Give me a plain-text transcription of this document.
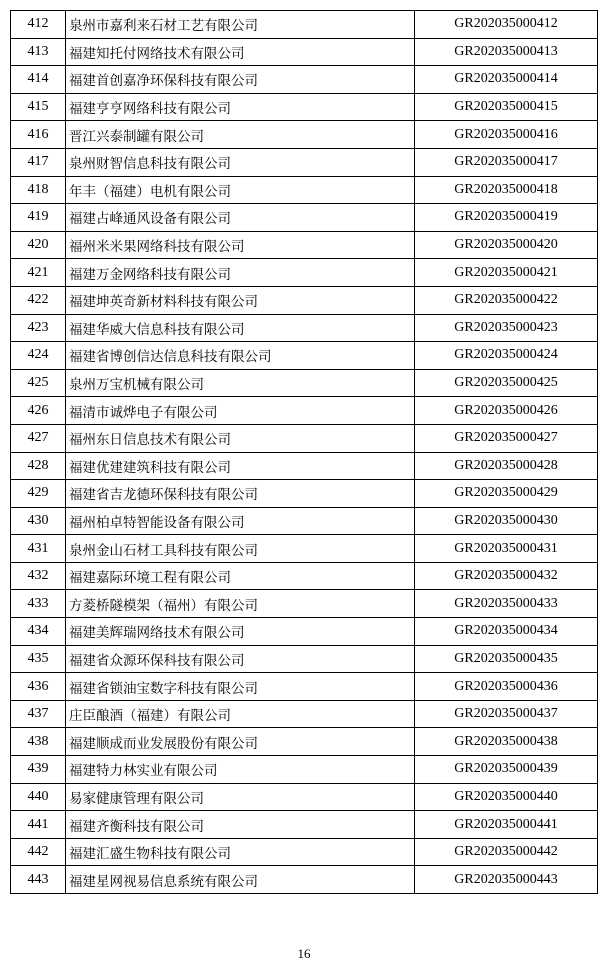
412	泉州市嘉利来石材工艺有限公司	GR202035000412
413	福建知托付网络技术有限公司	GR202035000413
414	福建首创嘉净环保科技有限公司	GR202035000414
415	福建亨亨网络科技有限公司	GR202035000415
416	晋江兴泰制罐有限公司	GR202035000416
417	泉州财智信息科技有限公司	GR202035000417
418	年丰（福建）电机有限公司	GR202035000418
419	福建占峰通风设备有限公司	GR202035000419
420	福州米米果网络科技有限公司	GR202035000420
421	福建万金网络科技有限公司	GR202035000421
422	福建坤英奇新材料科技有限公司	GR202035000422
423	福建华威大信息科技有限公司	GR202035000423
424	福建省博创信达信息科技有限公司	GR202035000424
425	泉州万宝机械有限公司	GR202035000425
426	福清市诚烨电子有限公司	GR202035000426
427	福州东日信息技术有限公司	GR202035000427
428	福建优建建筑科技有限公司	GR202035000428
429	福建省吉龙德环保科技有限公司	GR202035000429
430	福州柏卓特智能设备有限公司	GR202035000430
431	泉州金山石材工具科技有限公司	GR202035000431
432	福建嘉际环境工程有限公司	GR202035000432
433	方菱桥隧模架（福州）有限公司	GR202035000433
434	福建美辉瑞网络技术有限公司	GR202035000434
435	福建省众源环保科技有限公司	GR202035000435
436	福建省锁油宝数字科技有限公司	GR202035000436
437	庄臣酿酒（福建）有限公司	GR202035000437
438	福建顺成而业发展股份有限公司	GR202035000438
439	福建特力林实业有限公司	GR202035000439
440	易家健康管理有限公司	GR202035000440
441	福建齐衡科技有限公司	GR202035000441
442	福建汇盛生物科技有限公司	GR202035000442
443	福建星网视易信息系统有限公司	GR202035000443
16
